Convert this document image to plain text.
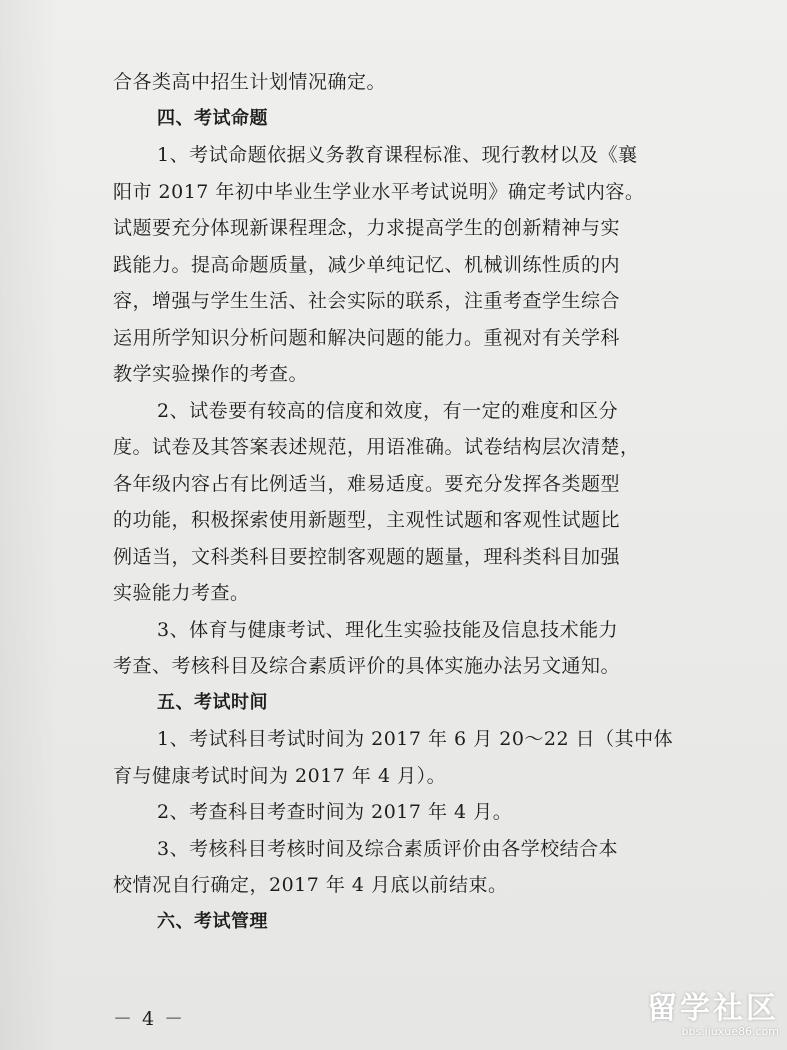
合各类高中招生计划情况确定。
四、考试命题
1、考试命题依据义务教育课程标准、现行教材以及《襄
阳市 2017 年初中毕业生学业水平考试说明》确定考试内容。
试题要充分体现新课程理念，力求提高学生的创新精神与实
践能力。提高命题质量，减少单纯记忆、机械训练性质的内
容，增强与学生生活、社会实际的联系，注重考查学生综合
运用所学知识分析问题和解决问题的能力。重视对有关学科
教学实验操作的考查。
2、试卷要有较高的信度和效度，有一定的难度和区分
度。试卷及其答案表述规范，用语准确。试卷结构层次清楚，
各年级内容占有比例适当，难易适度。要充分发挥各类题型
的功能，积极探索使用新题型，主观性试题和客观性试题比
例适当，文科类科目要控制客观题的题量，理科类科目加强
实验能力考查。
3、体育与健康考试、理化生实验技能及信息技术能力
考查、考核科目及综合素质评价的具体实施办法另文通知。
五、考试时间
1、考试科目考试时间为 2017 年 6 月 20～22 日（其中体
育与健康考试时间为 2017 年 4 月）。
2、考查科目考查时间为 2017 年 4 月。
3、考核科目考核时间及综合素质评价由各学校结合本
校情况自行确定，2017 年 4 月底以前结束。
六、考试管理
－ 4 －	留学社区
bbs.liuxue86.com
